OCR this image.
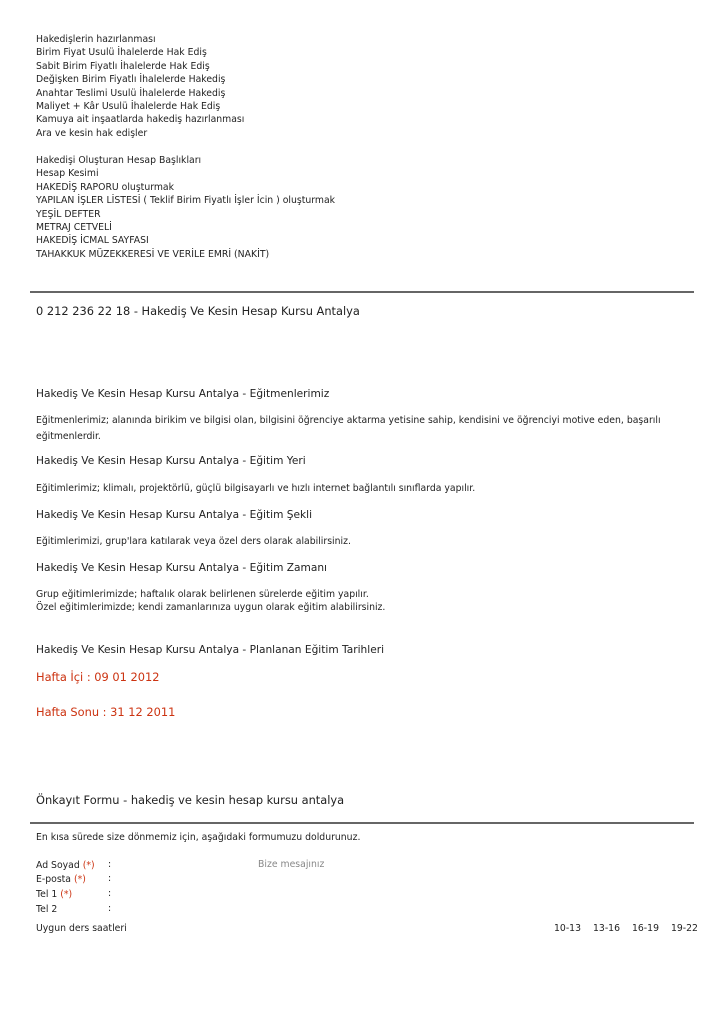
Hakedişlerin hazırlanması

Birim Fiyat Usulü İhalelerde Hak Ediş

Sabit Birim Fiyatlı İhalelerde Hak Ediş

Değişken Birim Fiyatlı İhalelerde Hakediş

Anahtar Teslimi Usulü İhalelerde Hakediş

Maliyet + Kâr Usulü İhalelerde Hak Ediş

Kamuya ait inşaatlarda hakediş hazırlanması

Ara ve kesin hak edişler

Hakedişi Oluşturan Hesap Başlıkları

Hesap Kesimi

HAKEDİŞ RAPORU oluşturmak

YAPILAN İŞLER LİSTESİ ( Teklif Birim Fiyatlı İşler İcin ) oluşturmak

YEŞİL DEFTER

METRAJ CETVELİ

HAKEDİŞ İCMAL SAYFASI

TAHAKKUK MÜZEKKERESİ VE VERİLE EMRİ (NAKİT)

0 212 236 22 18 - Hakediş Ve Kesin Hesap Kursu Antalya

Hakediş Ve Kesin Hesap Kursu Antalya - Eğitmenlerimiz

Eğitmenlerimiz; alanında birikim ve bilgisi olan, bilgisini öğrenciye aktarma yetisine sahip, kendisini ve öğrenciyi motive eden, başarılı eğitmenlerdir.

Hakediş Ve Kesin Hesap Kursu Antalya - Eğitim Yeri

Eğitimlerimiz; klimalı, projektörlü, güçlü bilgisayarlı ve hızlı internet bağlantılı sınıflarda yapılır.

Hakediş Ve Kesin Hesap Kursu Antalya - Eğitim Şekli

Eğitimlerimizi, grup'lara katılarak veya özel ders olarak alabilirsiniz.

Hakediş Ve Kesin Hesap Kursu Antalya - Eğitim Zamanı

Grup eğitimlerimizde; haftalık olarak belirlenen sürelerde eğitim yapılır.

Özel eğitimlerimizde; kendi zamanlarınıza uygun olarak eğitim alabilirsiniz.

Hakediş Ve Kesin Hesap Kursu Antalya - Planlanan Eğitim Tarihleri

Hafta İçi : 09 01 2012

Hafta Sonu : 31 12 2011

Önkayıt Formu - hakediş ve kesin hesap kursu antalya

En kısa sürede size dönmemiz için, aşağıdaki formumuzu doldurunuz.

Ad Soyad (*) :
E-posta (*) :
Tel 1 (*)	:
Tel 2	:
Bize mesajınız

Uygun ders saatleri	10-13 13-16 16-19 19-22
